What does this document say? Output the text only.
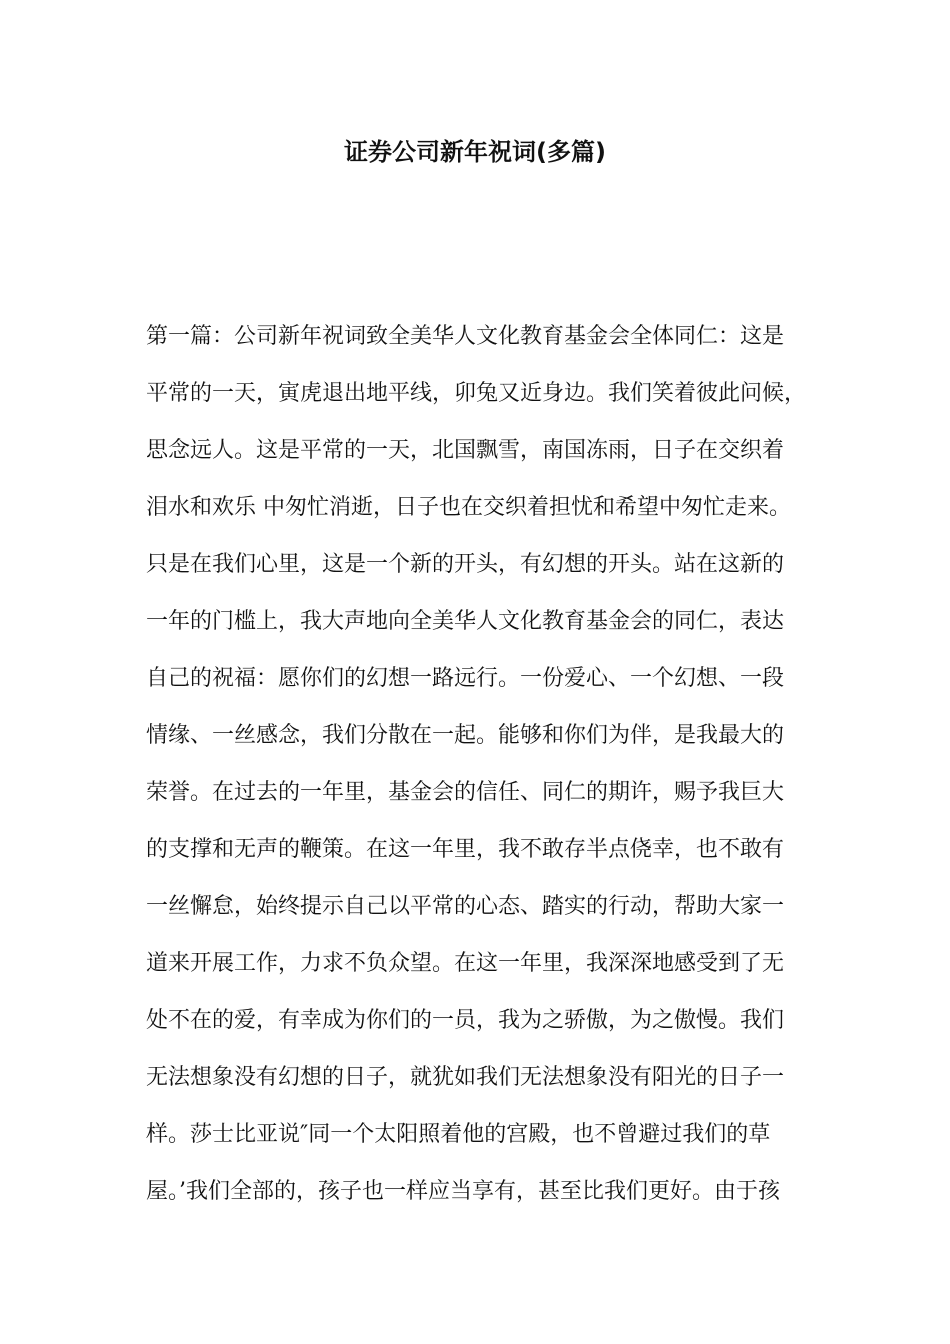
证券公司新年祝词(多篇)
第一篇：公司新年祝词致全美华人文化教育基金会全体同仁：这是
平常的一天，寅虎退出地平线，卯兔又近身边。我们笑着彼此问候，
思念远人。这是平常的一天，北国飘雪，南国冻雨，日子在交织着
泪水和欢乐 中匆忙消逝，日子也在交织着担忧和希望中匆忙走来。
只是在我们心里，这是一个新的开头，有幻想的开头。站在这新的
一年的门槛上，我大声地向全美华人文化教育基金会的同仁，表达
自己的祝福：愿你们的幻想一路远行。一份爱心、一个幻想、一段
情缘、一丝感念，我们分散在一起。能够和你们为伴，是我最大的
荣誉。在过去的一年里，基金会的信任、同仁的期许，赐予我巨大
的支撑和无声的鞭策。在这一年里，我不敢存半点侥幸，也不敢有
一丝懈怠，始终提示自己以平常的心态、踏实的行动，帮助大家一
道来开展工作，力求不负众望。在这一年里，我深深地感受到了无
处不在的爱，有幸成为你们的一员，我为之骄傲，为之傲慢。我们
无法想象没有幻想的日子，就犹如我们无法想象没有阳光的日子一
样。莎士比亚说″同一个太阳照着他的宫殿，也不曾避过我们的草
屋。’我们全部的，孩子也一样应当享有，甚至比我们更好。由于孩
